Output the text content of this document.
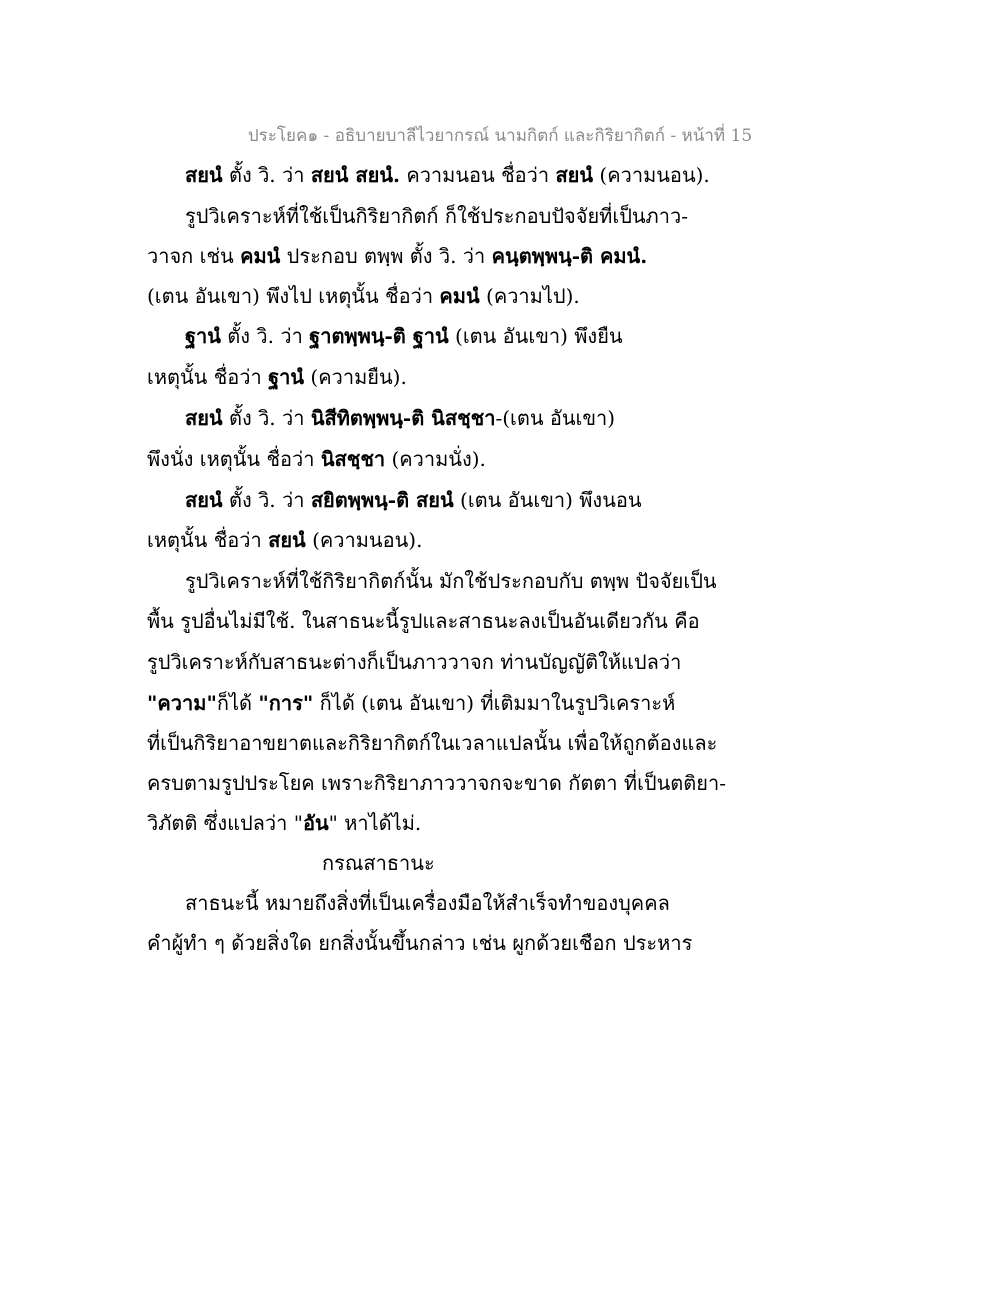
ประโยค๑ - อธิบายบาลีไวยากรณ์ นามกิตก์ และกิริยากิตก์ - หน้าที่ 15
สยนํ ตั้ง วิ. ว่า สยนํ สยนํ. ความนอน ชื่อว่า สยนํ (ความนอน).
รูปวิเคราะห์ที่ใช้เป็นกิริยากิตก์ ก็ใช้ประกอบปัจจัยที่เป็นภาว-
วาจก เช่น คมนํ ประกอบ ตพฺพ ตั้ง วิ. ว่า คนฺตพฺพนฺ-ติ คมนํ.
(เตน อันเขา) พึงไป เหตุนั้น ชื่อว่า คมนํ (ความไป).
ฐานํ ตั้ง วิ. ว่า ฐาตพฺพนฺ-ติ ฐานํ (เตน อันเขา) พึงยืน
เหตุนั้น ชื่อว่า ฐานํ (ความยืน).
สยนํ ตั้ง วิ. ว่า นิสีทิตพฺพนฺ-ติ นิสชฺชา-(เตน อันเขา)
พึงนั่ง เหตุนั้น ชื่อว่า นิสชฺชา (ความนั่ง).
สยนํ ตั้ง วิ. ว่า สยิตพฺพนฺ-ติ สยนํ (เตน อันเขา) พึงนอน
เหตุนั้น ชื่อว่า สยนํ (ความนอน).
รูปวิเคราะห์ที่ใช้กิริยากิตก์นั้น มักใช้ประกอบกับ ตพฺพ ปัจจัยเป็น
พื้น รูปอื่นไม่มีใช้. ในสาธนะนี้รูปและสาธนะลงเป็นอันเดียวกัน คือ
รูปวิเคราะห์กับสาธนะต่างก็เป็นภาววาจก ท่านบัญญัติให้แปลว่า
"ความ"ก็ได้ "การ" ก็ได้ (เตน อันเขา) ที่เติมมาในรูปวิเคราะห์
ที่เป็นกิริยาอาขยาตและกิริยากิตก์ในเวลาแปลนั้น เพื่อให้ถูกต้องและ
ครบตามรูปประโยค เพราะกิริยาภาววาจกจะขาด กัตตา ที่เป็นตติยา-
วิภัตติ ซึ่งแปลว่า "อัน" หาได้ไม่.
กรณสาธานะ
สาธนะนี้ หมายถึงสิ่งที่เป็นเครื่องมือให้สำเร็จทำของบุคคล
คำผู้ทำ ๆ ด้วยสิ่งใด ยกสิ่งนั้นขึ้นกล่าว เช่น ผูกด้วยเชือก ประหาร
